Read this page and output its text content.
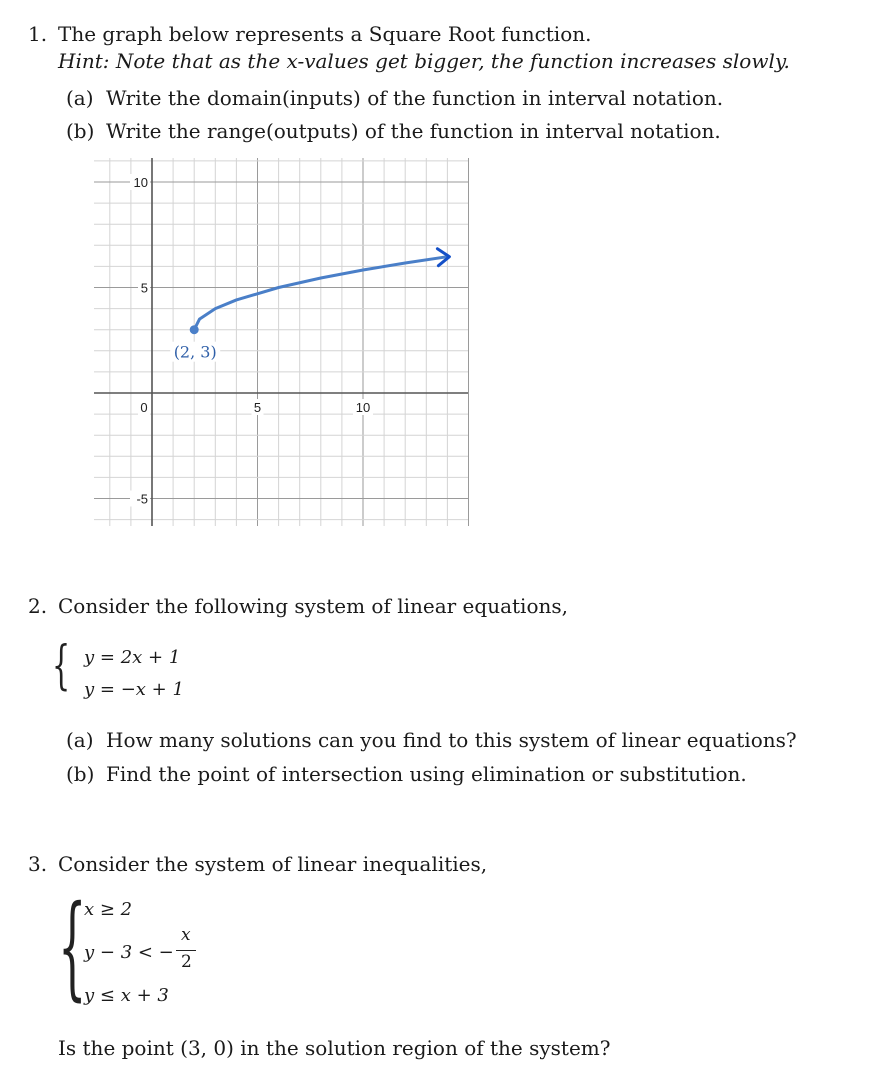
1. The graph below represents a Square Root function.
Hint: Note that as the x-values get bigger, the function increases slowly.
(a) Write the domain(inputs) of the function in interval notation.
(b) Write the range(outputs) of the function in interval notation.
10
5
-5
0	5	10
(2, 3)
2. Consider the following system of linear equations,
{ y = 2x + 1
y = −x + 1
(a) How many solutions can you find to this system of linear equations?
(b) Find the point of intersection using elimination or substitution.
3. Consider the system of linear inequalities,
{
x ≥ 2
y − 3 < −
x
2
y ≤ x + 3
Is the point (3, 0) in the solution region of the system?
